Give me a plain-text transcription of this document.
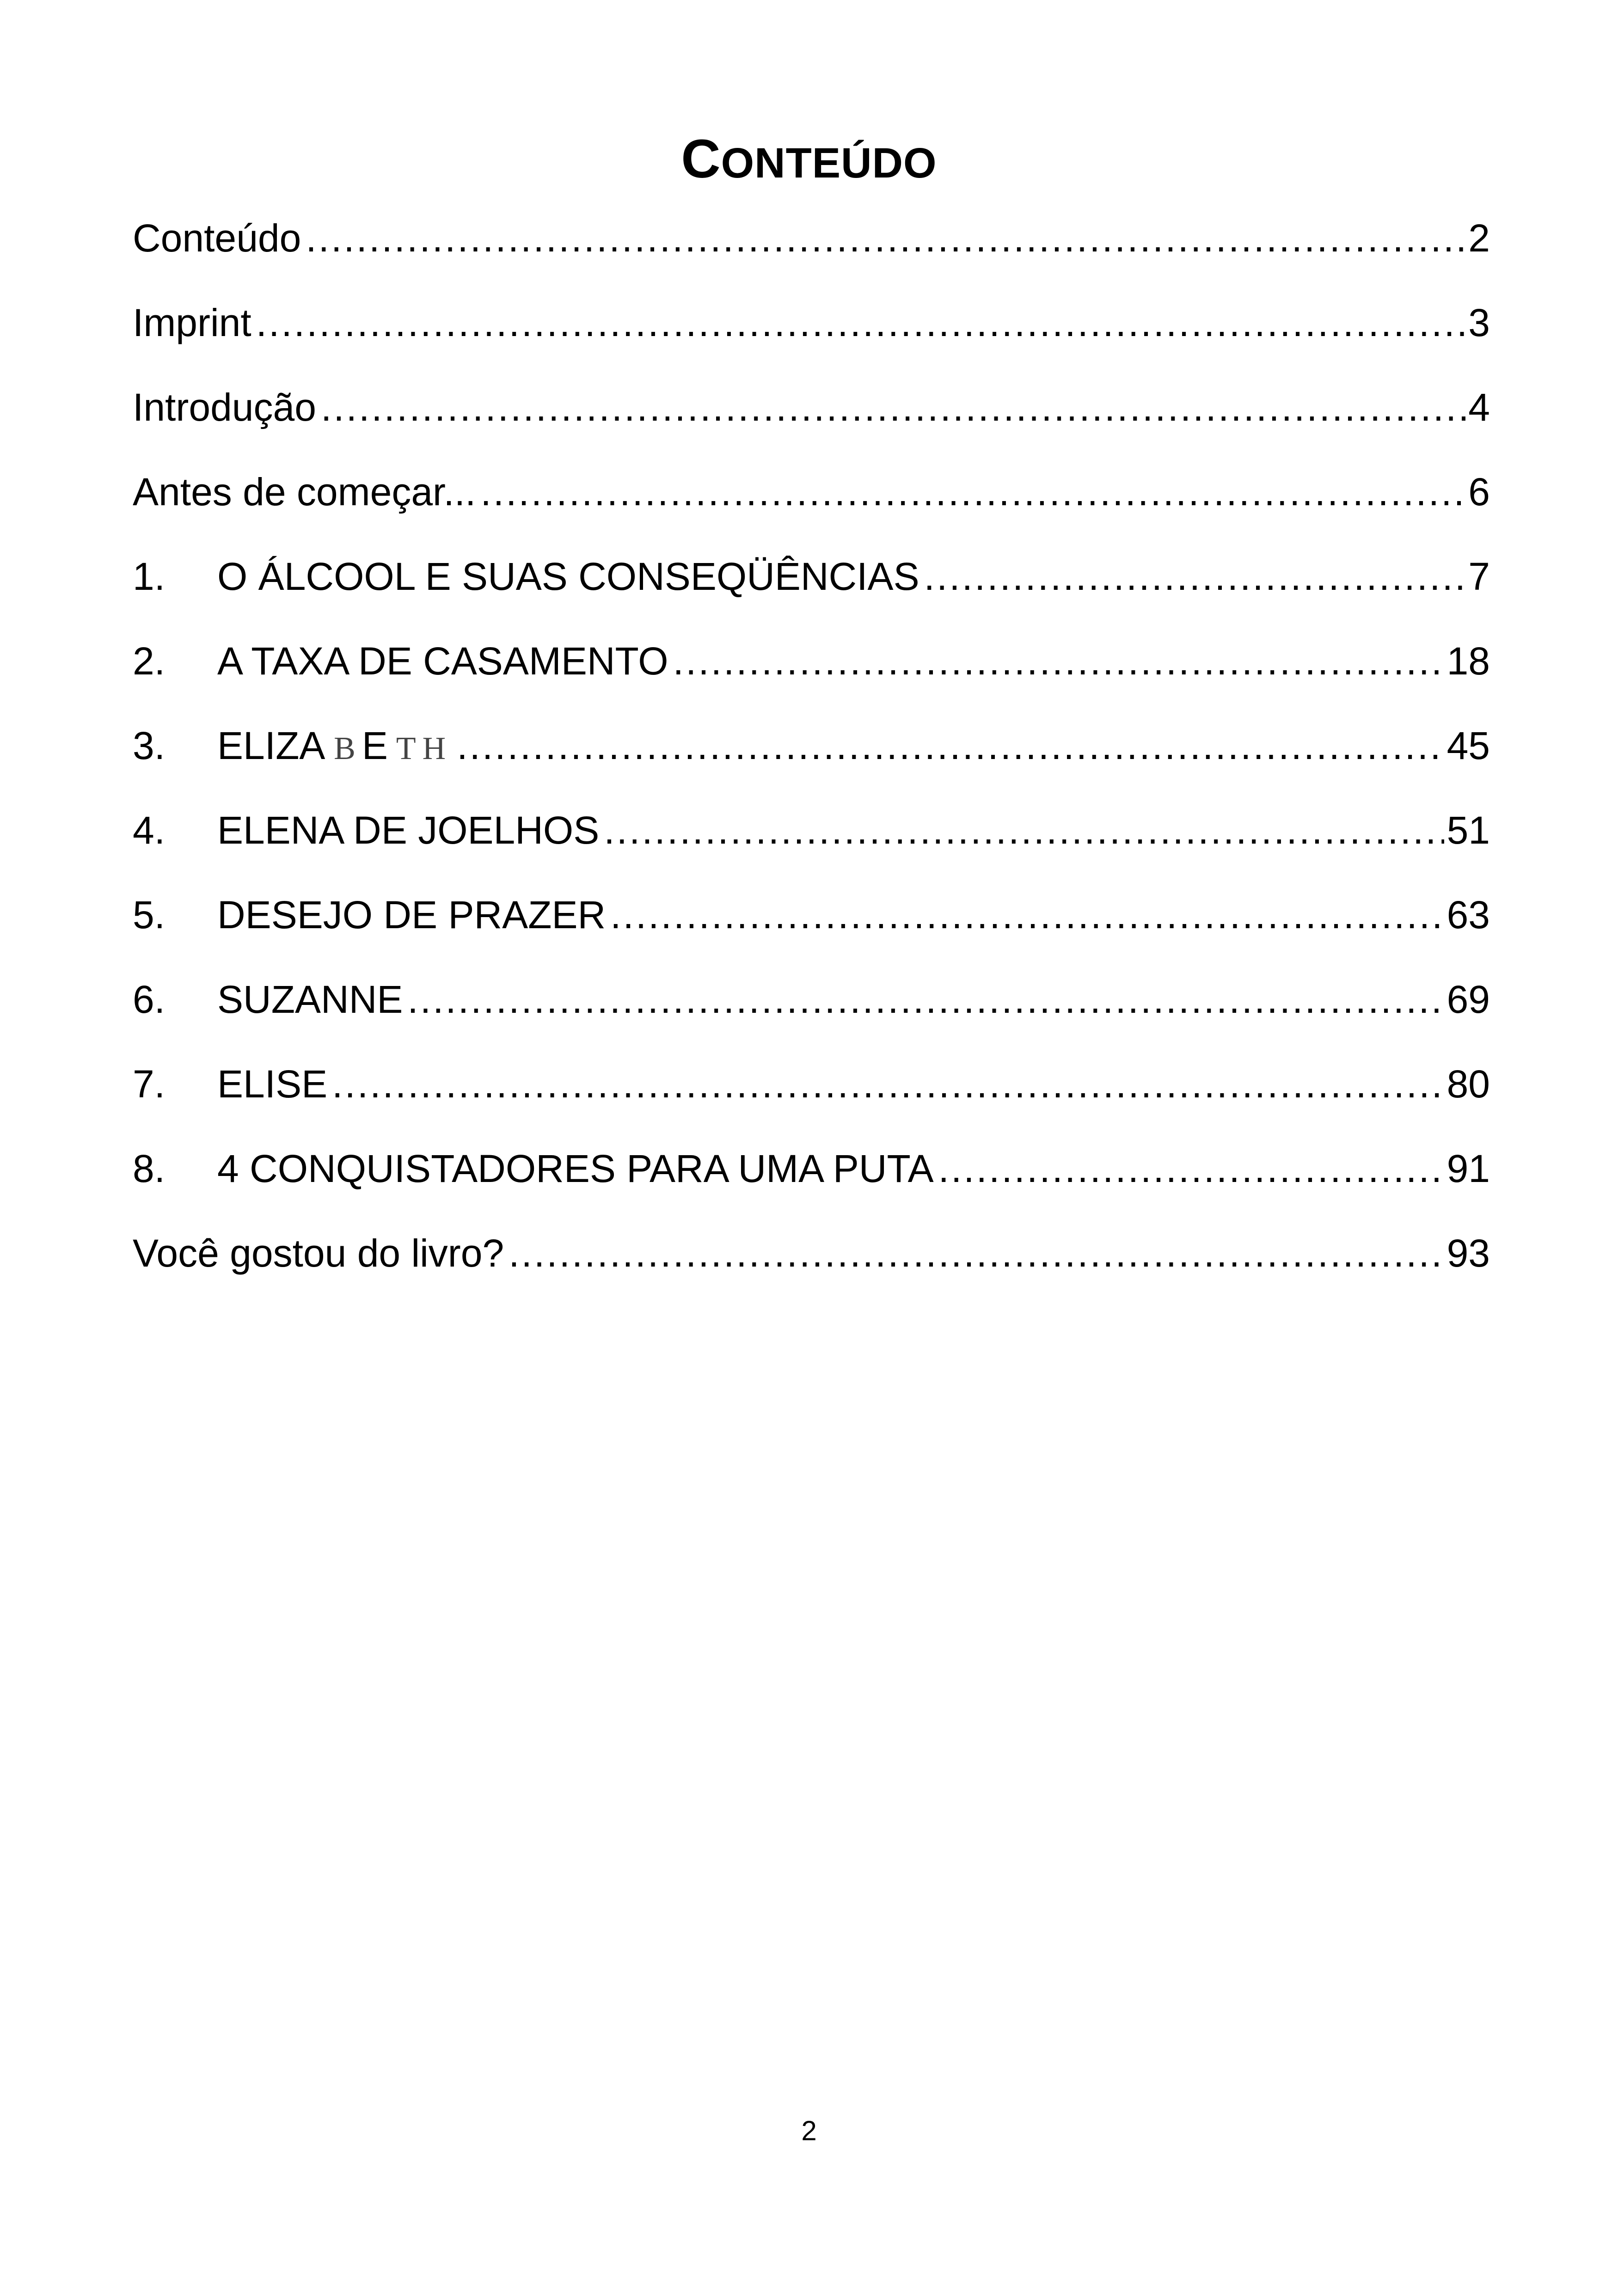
CONTEÚDO
Conteúdo .....	2
Imprint .....	3
Introdução .....	4
Antes de começar... .....	6
1.	O ÁLCOOL E SUAS CONSEQÜÊNCIAS .....	7
2.	A TAXA DE CASAMENTO .....	18
3.	ELIZA BE TH .....	45
4.	ELENA DE JOELHOS .....	51
5.	DESEJO DE PRAZER .....	63
6.	SUZANNE .....	69
7.	ELISE .....	80
8.	4 CONQUISTADORES PARA UMA PUTA .....	91
Você gostou do livro? .....	93
2
